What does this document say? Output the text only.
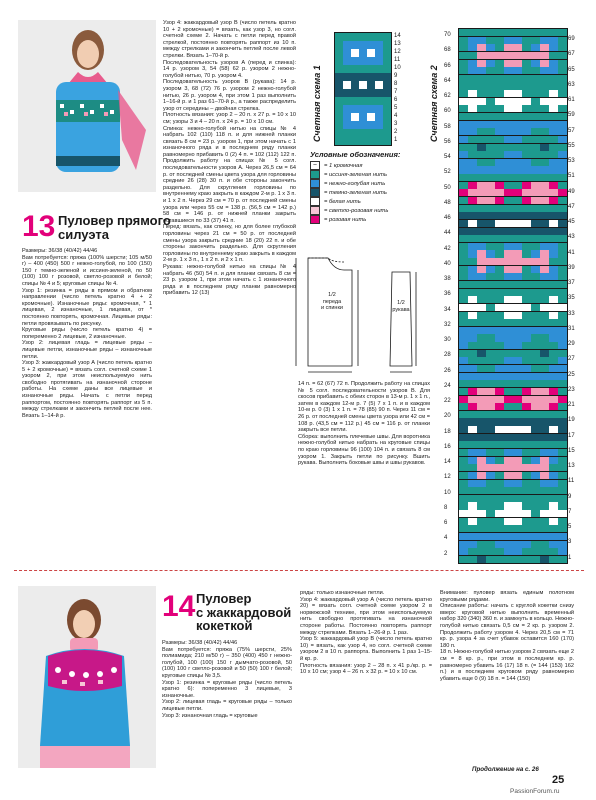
13 Пуловер прямого
силуэта
Размеры: 36/38 (40/42) 44/46
Вам потребуется: пряжа (100% шерсти; 105 м/50 г) – 400 (450) 500 г нежно-голубой, по 100 (150) 150 г темно-зеленой и иссиня-зеленой, по 50 (100) 100 г розовой, светло-розовой и белой; спицы № 4 и 5; круговые спицы № 4.
Узор 1: резинка = ряды в прямом и обратном направлении (число петель кратно 4 + 2 кромочные). Изнаночные ряды: кромочная, * 1 лицевая, 2 изнаночные, 1 лицевая, от * постоянно повторять, кромочная. Лицевые ряды: петли провязывать по рисунку.
Круговые ряды (число петель кратно 4) = попеременно 2 лицевые, 2 изнаночные.
Узор 2: лицевая гладь = лицевые ряды – лицевые петли, изнаночные ряды – изнаночные петли.
Узор 3: жаккардовый узор А (число петель кратно 5 + 2 кромочные) = вязать согл. счетной схеме 1 узором 2, при этом неиспользуемую нить свободно протягивать на изнаночной стороне работы. На схеме даны все лицевые и изнаночные ряды. Начать с петли перед раппортом, постоянно повторять раппорт из 5 п. между стрелками и закончить петлей после нее. Вязать 1–14-й р.
Узор 4: жаккардовый узор В (число петель кратно 10 + 2 кромочные) = вязать, как узор 3, но согл. счетной схеме 2. Начать с петли перед правой стрелкой, постоянно повторять раппорт из 10 п. между стрелками и закончить петлей после левой стрелки. Вязать 1–70-й р.
Последовательность узоров А (перед и спинка): 14 р. узором 3, 54 (58) 62 р. узором 2 нежно-голубой нитью, 70 р. узором 4.
Последовательность узоров В (рукава): 14 р. узором 3, 68 (72) 76 р. узором 2 нежно-голубой нитью, 26 р. узором 4, при этом 1 раз выполнить 1–16-й р. и 1 раз 61–70-й р., а также распределить узор от середины – двойная стрелка.
Плотность вязания: узор 2 – 20 п. x 27 р. = 10 x 10 см; узоры 3 и 4 – 20 п. x 24 р. = 10 x 10 см.
Спинка: нежно-голубой нитью на спицы № 4 набрать 102 (110) 118 п. и для нижней планки связать 8 см = 23 р. узором 1, при этом начать с 1 изнаночного ряда и в последнем ряду планки равномерно прибавить 0 (2) 4 п. = 102 (112) 122 п. Продолжить работу на спицах № 5 согл. последовательности узоров А. Через 26,5 см = 64 р. от последней смены цвета узора для горловины средние 26 (28) 30 п. и обе стороны закончить раздельно. Для скругления горловины по внутреннему краю закрыть в каждом 2-м р. 1 x 3 п. и 1 x 2 п. Через 29 см = 70 р. от последней смены узора или через 55 см = 138 р. (56,5 см = 142 р.) 58 см = 146 р. от нижней планки закрыть оставшиеся по 33 (37) 41 п.
Перед: вязать, как спинку, но для более глубокой горловины через 21 см = 50 р. от последней смены узора закрыть средние 18 (20) 22 п. и обе стороны закончить раздельно. Для скругления горловины по внутреннему краю закрыть в каждом 2-м р. 1 x 3 п., 1 x 2 п. и 2 x 1 п.
Рукава: нежно-голубой нитью на спицы № 4 набрать 46 (50) 54 п. и для планки связать 8 см = 23 р. узором 1, при этом начать с 1 изнаночного ряда и в последнем ряду планки равномерно прибавить 12 (13)
Счетная схема 1
14
13
12
11
10
9
8
7
6
5
4
3
2
1
Условные обозначения:
–	= 1 кромочная
= иссиня-зеленая нить
= нежно-голубая нить
= темно-зеленая нить
= белая нить
= светло-розовая нить
= розовая нить
1/2
переда
и спинки
1/2
рукава
14 п. = 62 (67) 72 п. Продолжить работу на спицах № 5 согл. последовательности узоров В. Для скосов прибавить с обеих сторон в 13-м р. 1 x 1 п., затем в каждом 12-м р. 7 (5) 7 x 1 п. и в каждом 10-м р. 0 (3) 1 x 1 п. = 78 (85) 90 п. Через 11 см = 26 р. от последней смены цвета узора или 42 см = 108 р. (43,5 см = 112 р.) 45 см = 116 р. от планки закрыть все петли.
Сборка: выполнить плечевые швы. Для воротника нежно-голубой нитью набрать на круговые спицы по краю горловины 96 (100) 104 п. и связать 8 см узором 1. Закрыть петли по рисунку. Вшить рукава. Выполнить боковые швы и швы рукавов.
Счетная схема 2
70
68
66
64
62
60
58
56
54
52
50
48
46
44
42
40
38
36
34
32
30
28
26
24
22
20
18
16
14
12
10
8
6
4
2
69
67
65
63
61
59
57
55
53
51
49
47
45
43
41
39
37
35
33
31
29
27
25
23
21
19
17
15
13
11
9
7
5
3
1
14 Пуловер
с жаккардовой
кокеткой
Размеры: 36/38 (40/42) 44/46
Вам потребуется: пряжа (75% шерсти, 25% полиамида; 210 м/50 г) – 350 (400) 450 г нежно-голубой, 100 (100) 150 г дымчато-розовой, 50 (100) 100 г светло-розовой и 50 (50) 100 г белой; круговые спицы № 3,5.
Узор 1: резинка = круговые ряды (число петель кратно 6): попеременно 3 лицевые, 3 изнаночные.
Узор 2: лицевая гладь = круговые ряды – только лицевые петли.
Узор 3: изнаночная гладь = круговые
ряды: только изнаночные петли.
Узор 4: жаккардовый узор А (число петель кратно 20) = вязать согл. счетной схеме узором 2 в норвежской технике, при этом неиспользуемую нить свободно протягивать на изнаночной стороне работы. Постоянно повторять раппорт между стрелками. Вязать 1–26-й р. 1 раз.
Узор 5: жаккардовый узор В (число петель кратно 10) = вязать, как узор 4, но согл. счетной схеме узором 2 в 10 п. раппорта. Выполнить 1 раз 1–15-й кр. р.
Плотность вязания: узор 2 – 28 п. x 41 р./кр. р. = 10 x 10 см; узор 4 – 26 п. x 32 р. = 10 x 10 см.
Внимание: пуловер вязать единым полотном круговыми рядами.
Описание работы: начать с круглой кокетки снизу вверх: круговой нитью выполнить временный набор 320 (340) 360 п. и замкнуть в кольцо. Нежно-голубой нитью связать 0,5 см = 2 кр. р. узором 2. Продолжить работу узором 4. Через 20,5 см = 71 кр. р. узора 4 за счет убавок оставится 160 (170) 180 п.
18 п. Нежно-голубой нитью узором 2 связать еще 2 см = 8 кр. р., при этом в последнем кр. р. равномерно убавить 16 (17) 18 п. (= 144 (153) 162 п.) и в последнем круговом ряду равномерно убавить еще 0 (9) 18 п. = 144 (150)
Продолжение на с. 26
25
PassionForum.ru
